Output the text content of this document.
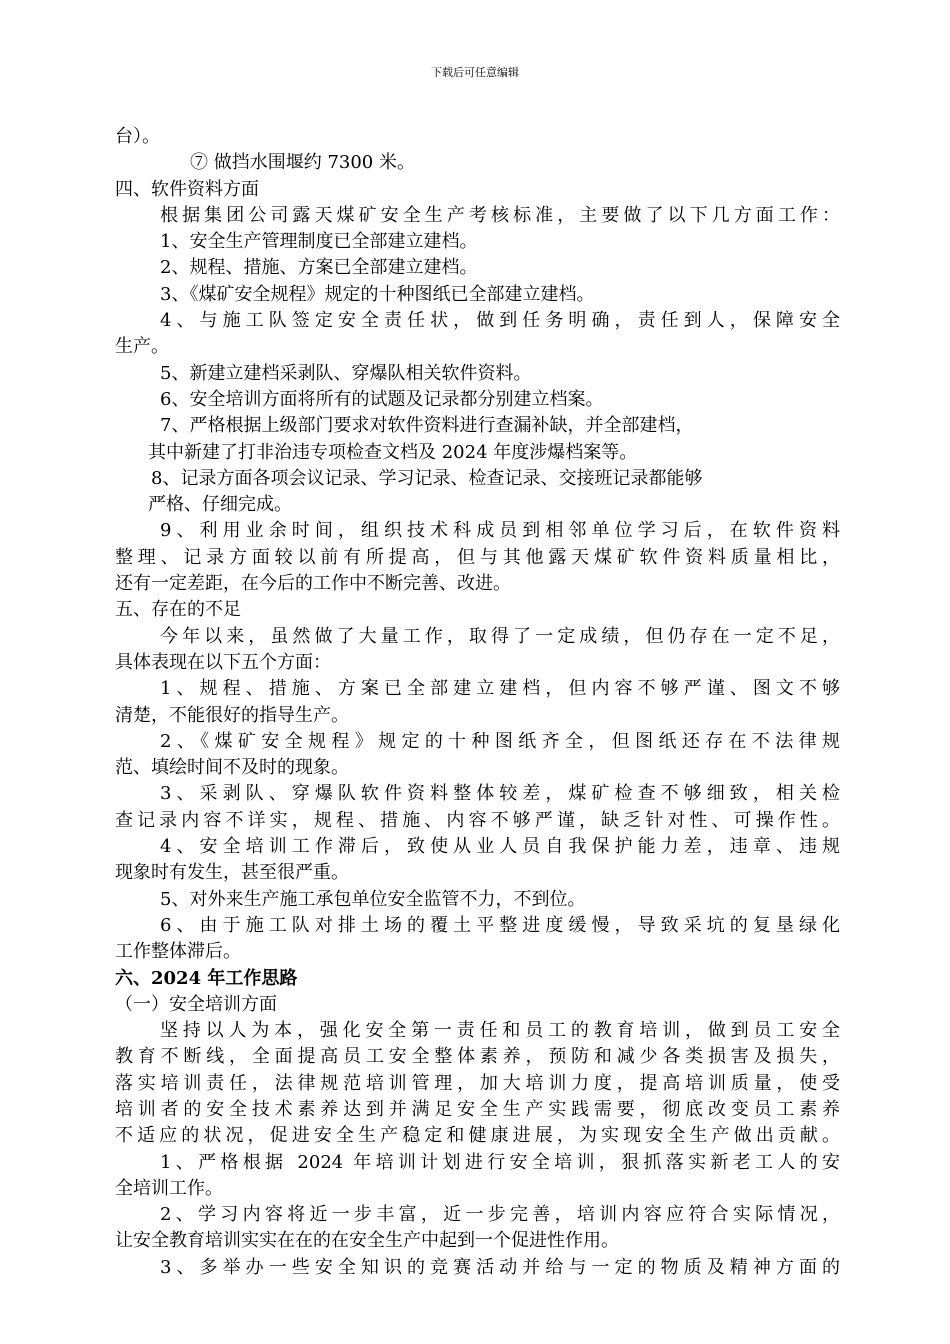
下载后可任意编辑
台）。
⑦ 做挡水围堰约 7300 米。
四、软件资料方面
根据集团公司露天煤矿安全生产考核标准，主要做了以下几方面工作：
1、安全生产管理制度已全部建立建档。
2、规程、措施、方案已全部建立建档。
3、《煤矿安全规程》规定的十种图纸已全部建立建档。
4、与施工队签定安全责任状，做到任务明确，责任到人，保障安全
生产。
5、新建立建档采剥队、穿爆队相关软件资料。
6、安全培训方面将所有的试题及记录都分别建立档案。
7、严格根据上级部门要求对软件资料进行查漏补缺，并全部建档，
其中新建了打非治违专项检查文档及 2024 年度涉爆档案等。
8、记录方面各项会议记录、学习记录、检查记录、交接班记录都能够
严格、仔细完成。
9、利用业余时间，组织技术科成员到相邻单位学习后，在软件资料
整理、记录方面较以前有所提高，但与其他露天煤矿软件资料质量相比，
还有一定差距，在今后的工作中不断完善、改进。
五、存在的不足
今年以来，虽然做了大量工作，取得了一定成绩，但仍存在一定不足，
具体表现在以下五个方面：
1、规程、措施、方案已全部建立建档，但内容不够严谨、图文不够
清楚，不能很好的指导生产。
2、《煤矿安全规程》规定的十种图纸齐全，但图纸还存在不法律规
范、填绘时间不及时的现象。
3、采剥队、穿爆队软件资料整体较差，煤矿检查不够细致，相关检
查记录内容不详实，规程、措施、内容不够严谨，缺乏针对性、可操作性。
4、安全培训工作滞后，致使从业人员自我保护能力差，违章、违规
现象时有发生，甚至很严重。
5、对外来生产施工承包单位安全监管不力，不到位。
6、由于施工队对排土场的覆土平整进度缓慢，导致采坑的复垦绿化
工作整体滞后。
六、2024 年工作思路
（一）安全培训方面
坚持以人为本，强化安全第一责任和员工的教育培训，做到员工安全
教育不断线，全面提高员工安全整体素养，预防和减少各类损害及损失，
落实培训责任，法律规范培训管理，加大培训力度，提高培训质量，使受
培训者的安全技术素养达到并满足安全生产实践需要，彻底改变员工素养
不适应的状况，促进安全生产稳定和健康进展，为实现安全生产做出贡献。
1、严格根据 2024 年培训计划进行安全培训，狠抓落实新老工人的安
全培训工作。
2、学习内容将近一步丰富，近一步完善，培训内容应符合实际情况，
让安全教育培训实实在在的在安全生产中起到一个促进性作用。
3、多举办一些安全知识的竞赛活动并给与一定的物质及精神方面的
